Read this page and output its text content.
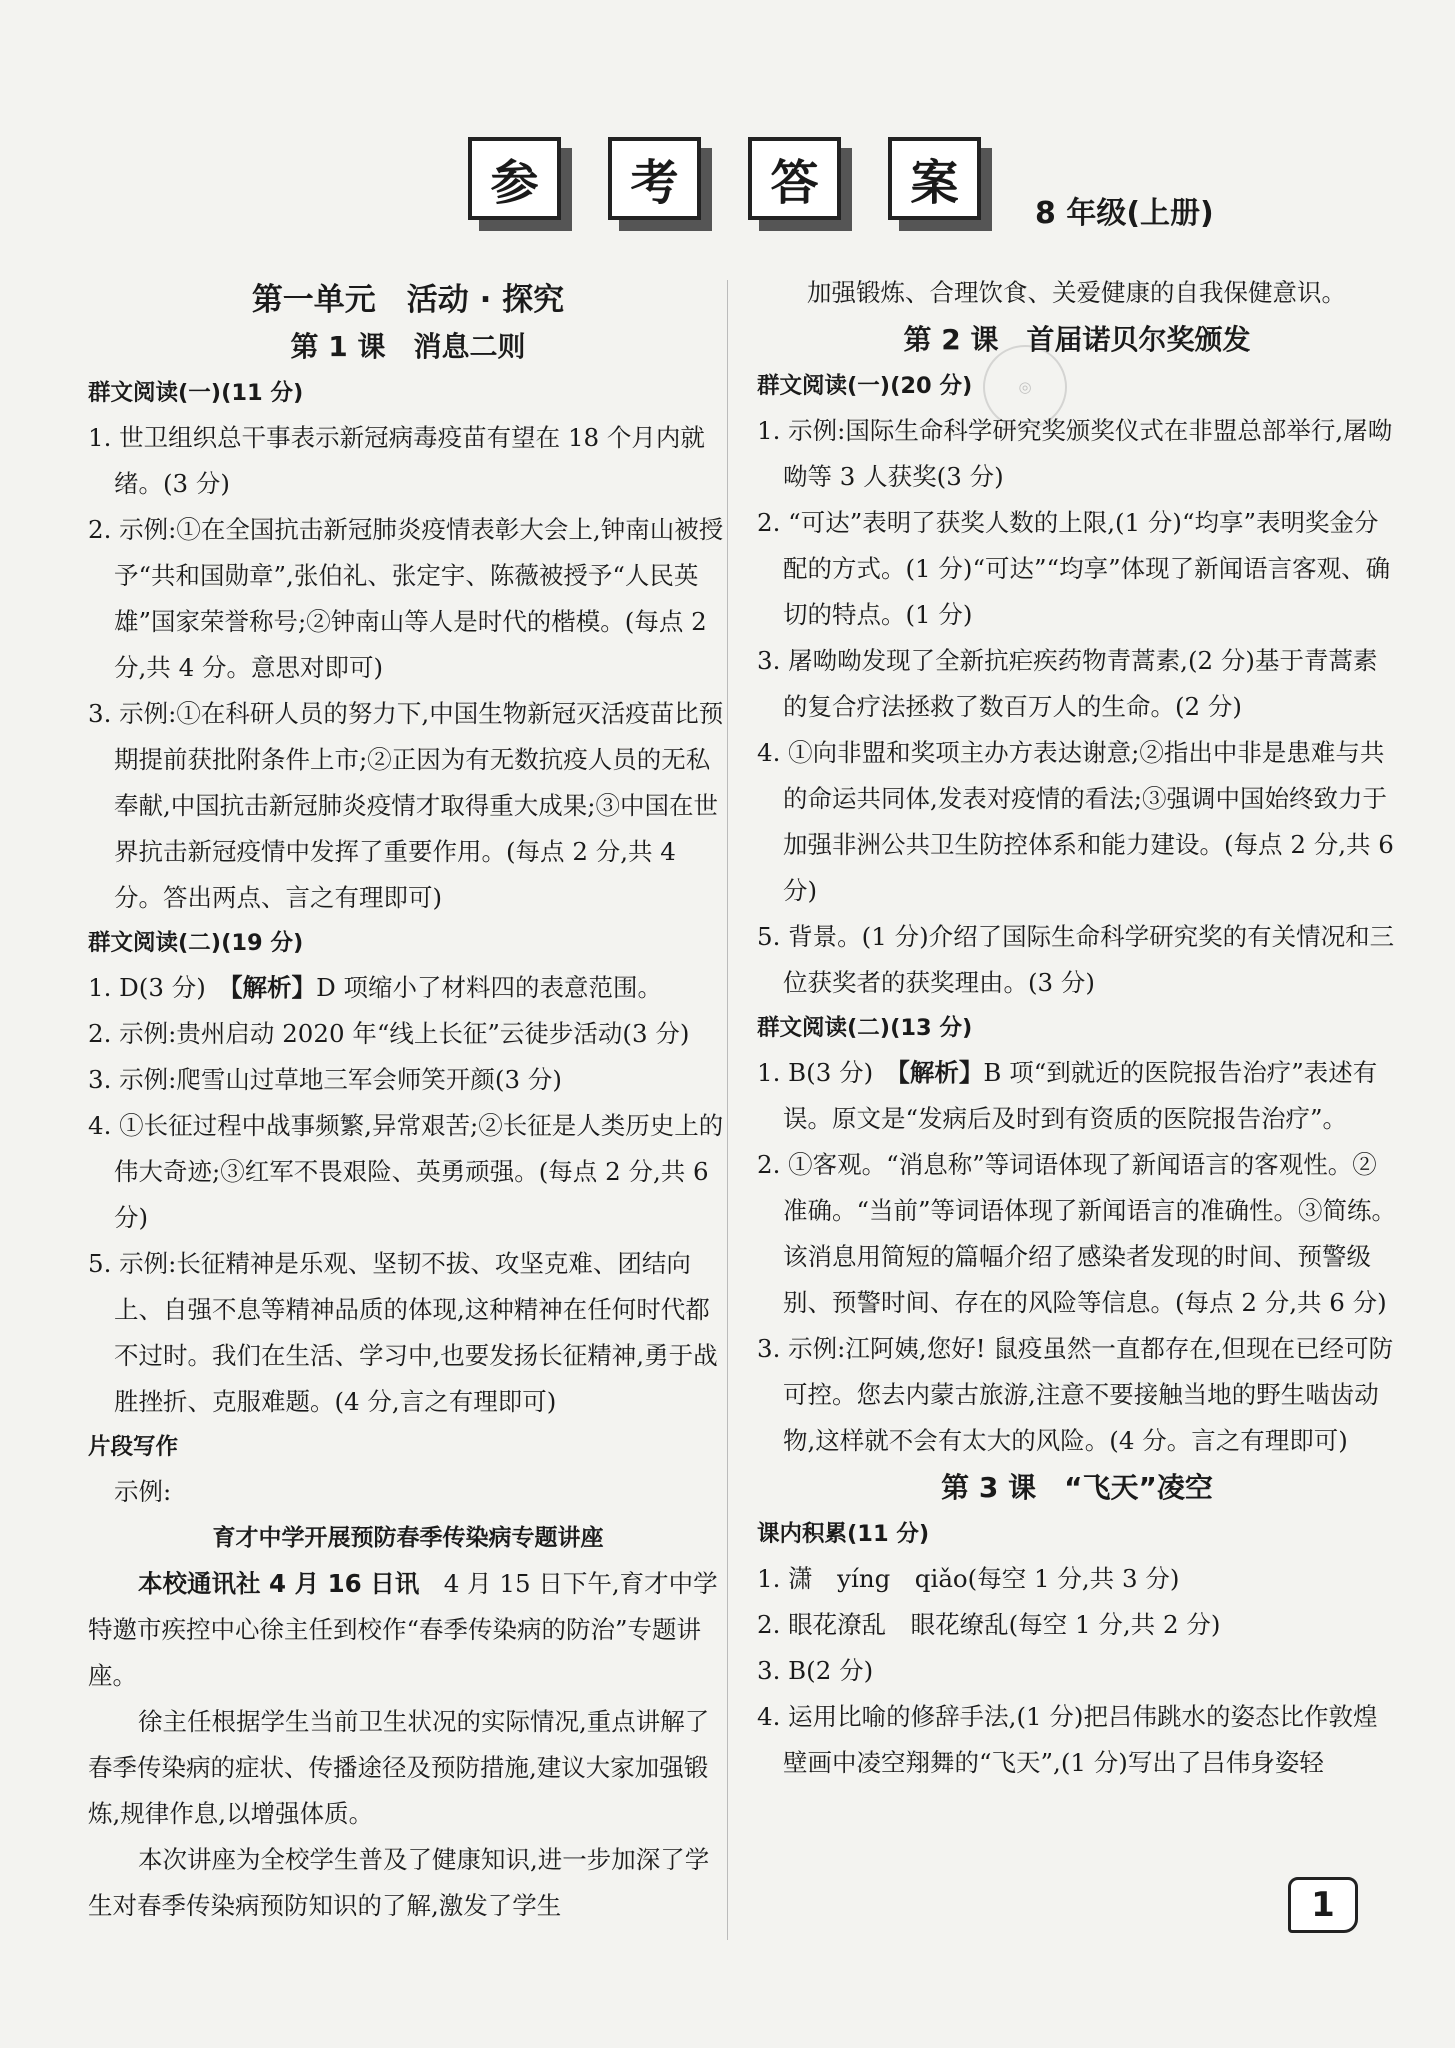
参	考	答	案
8 年级(上册)
◎
第一单元　活动 · 探究
第 1 课　消息二则
群文阅读(一)(11 分)
1. 世卫组织总干事表示新冠病毒疫苗有望在 18 个月内就绪。(3 分)
2. 示例:①在全国抗击新冠肺炎疫情表彰大会上,钟南山被授予“共和国勋章”,张伯礼、张定宇、陈薇被授予“人民英雄”国家荣誉称号;②钟南山等人是时代的楷模。(每点 2 分,共 4 分。意思对即可)
3. 示例:①在科研人员的努力下,中国生物新冠灭活疫苗比预期提前获批附条件上市;②正因为有无数抗疫人员的无私奉献,中国抗击新冠肺炎疫情才取得重大成果;③中国在世界抗击新冠疫情中发挥了重要作用。(每点 2 分,共 4 分。答出两点、言之有理即可)
群文阅读(二)(19 分)
1. D(3 分)　【解析】D 项缩小了材料四的表意范围。
2. 示例:贵州启动 2020 年“线上长征”云徒步活动(3 分)
3. 示例:爬雪山过草地三军会师笑开颜(3 分)
4. ①长征过程中战事频繁,异常艰苦;②长征是人类历史上的伟大奇迹;③红军不畏艰险、英勇顽强。(每点 2 分,共 6 分)
5. 示例:长征精神是乐观、坚韧不拔、攻坚克难、团结向上、自强不息等精神品质的体现,这种精神在任何时代都不过时。我们在生活、学习中,也要发扬长征精神,勇于战胜挫折、克服难题。(4 分,言之有理即可)
片段写作
示例:
育才中学开展预防春季传染病专题讲座
本校通讯社 4 月 16 日讯　4 月 15 日下午,育才中学特邀市疾控中心徐主任到校作“春季传染病的防治”专题讲座。
徐主任根据学生当前卫生状况的实际情况,重点讲解了春季传染病的症状、传播途径及预防措施,建议大家加强锻炼,规律作息,以增强体质。
本次讲座为全校学生普及了健康知识,进一步加深了学生对春季传染病预防知识的了解,激发了学生
加强锻炼、合理饮食、关爱健康的自我保健意识。
第 2 课　首届诺贝尔奖颁发
群文阅读(一)(20 分)
1. 示例:国际生命科学研究奖颁奖仪式在非盟总部举行,屠呦呦等 3 人获奖(3 分)
2. “可达”表明了获奖人数的上限,(1 分)“均享”表明奖金分配的方式。(1 分)“可达”“均享”体现了新闻语言客观、确切的特点。(1 分)
3. 屠呦呦发现了全新抗疟疾药物青蒿素,(2 分)基于青蒿素的复合疗法拯救了数百万人的生命。(2 分)
4. ①向非盟和奖项主办方表达谢意;②指出中非是患难与共的命运共同体,发表对疫情的看法;③强调中国始终致力于加强非洲公共卫生防控体系和能力建设。(每点 2 分,共 6 分)
5. 背景。(1 分)介绍了国际生命科学研究奖的有关情况和三位获奖者的获奖理由。(3 分)
群文阅读(二)(13 分)
1. B(3 分)　【解析】B 项“到就近的医院报告治疗”表述有误。原文是“发病后及时到有资质的医院报告治疗”。
2. ①客观。“消息称”等词语体现了新闻语言的客观性。②准确。“当前”等词语体现了新闻语言的准确性。③简练。该消息用简短的篇幅介绍了感染者发现的时间、预警级别、预警时间、存在的风险等信息。(每点 2 分,共 6 分)
3. 示例:江阿姨,您好! 鼠疫虽然一直都存在,但现在已经可防可控。您去内蒙古旅游,注意不要接触当地的野生啮齿动物,这样就不会有太大的风险。(4 分。言之有理即可)
第 3 课　“飞天”凌空
课内积累(11 分)
1. 潇　yíng　qiǎo(每空 1 分,共 3 分)
2. 眼花潦乱　眼花缭乱(每空 1 分,共 2 分)
3. B(2 分)
4. 运用比喻的修辞手法,(1 分)把吕伟跳水的姿态比作敦煌壁画中凌空翔舞的“飞天”,(1 分)写出了吕伟身姿轻
1
